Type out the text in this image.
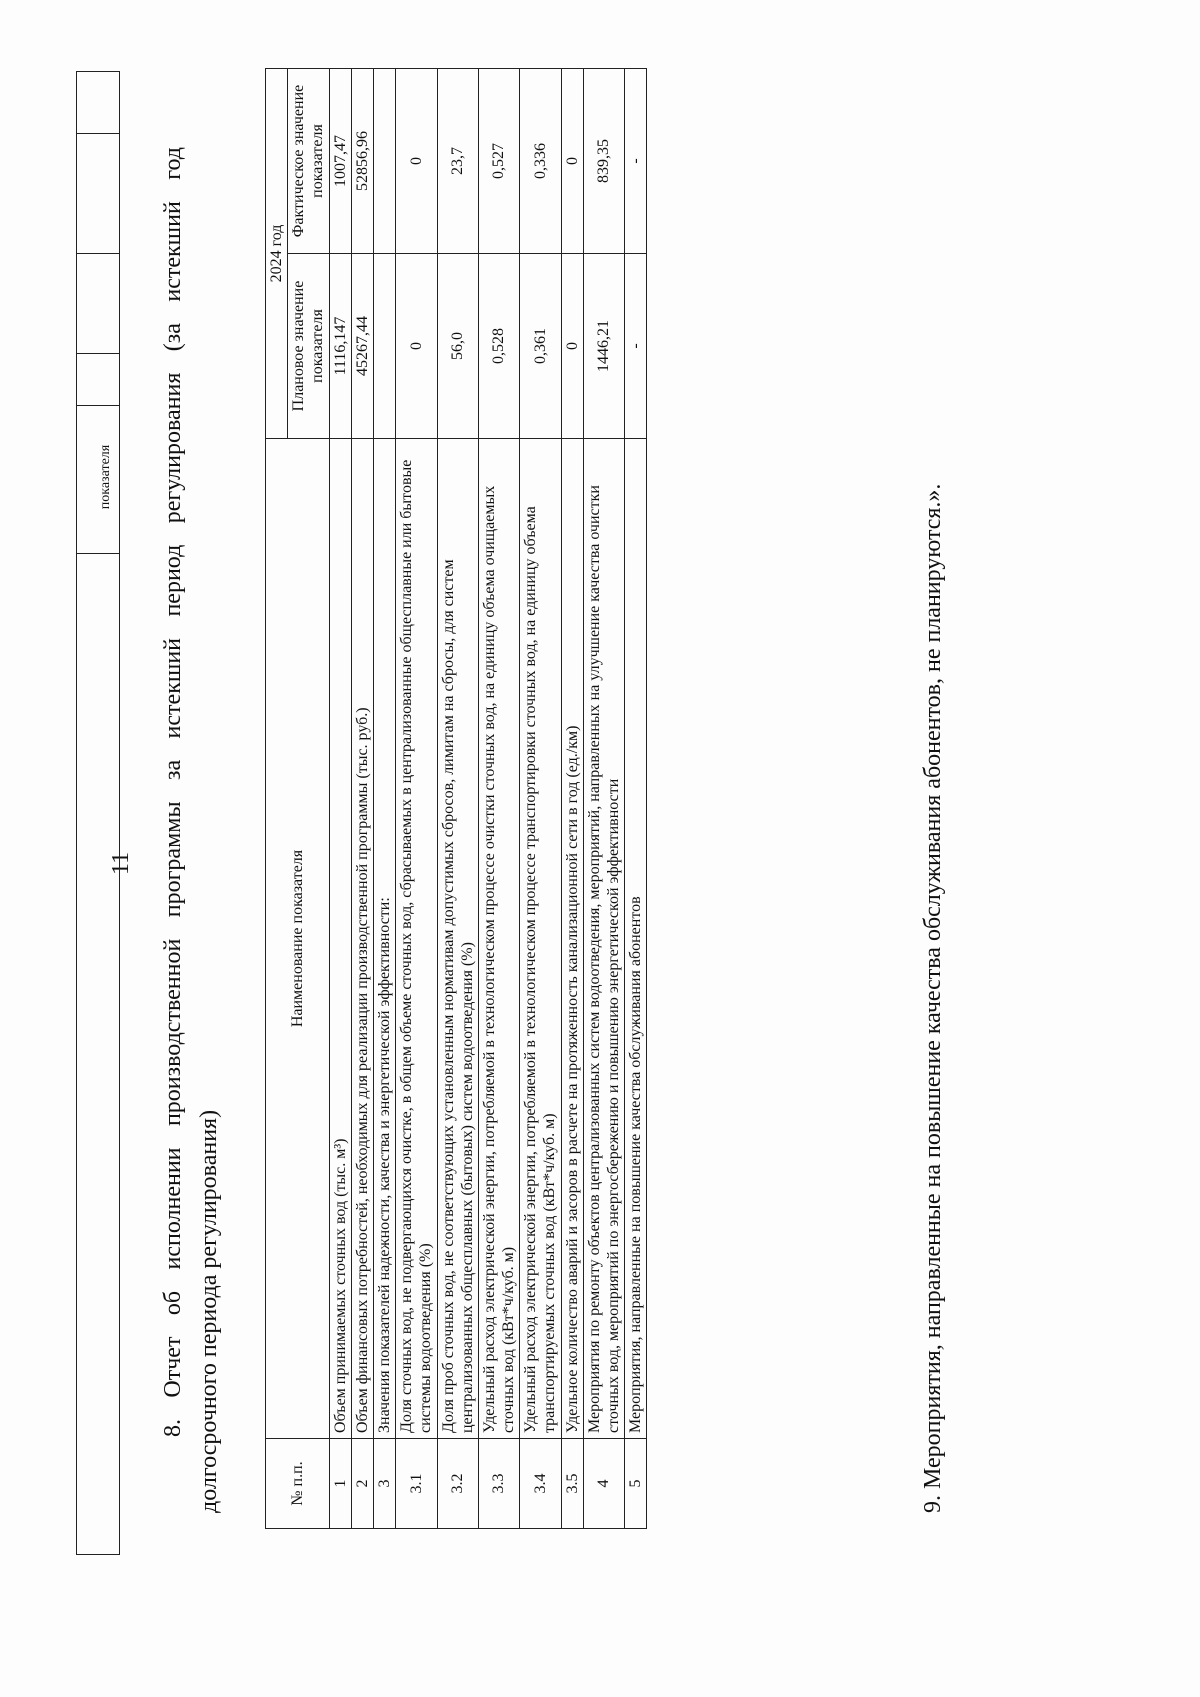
11
показателя 8. Отчет об исполнении производственной программы за истекший период регулирования (за истекший год долгосрочного периода регулирования)	№ п.п.	Наименование показателя	2024 год	
		Плановое значение показателя	Фактическое значение показателя
1	Объем принимаемых сточных вод (тыс. м³)	1116,147	1007,47
2	Объем финансовых потребностей, необходимых для реализации производственной программы (тыс. руб.)	45267,44	52856,96
3	Значения показателей надежности, качества и энергетической эффективности:		
3.1	Доля сточных вод, не подвергающихся очистке, в общем объеме сточных вод, сбрасываемых в централизованные общесплавные или бытовые системы водоотведения (%)	0	0
3.2	Доля проб сточных вод, не соответствующих установленным нормативам допустимых сбросов, лимитам на сбросы, для систем централизованных общесплавных (бытовых) систем водоотведения (%)	56,0	23,7
3.3	Удельный расход электрической энергии, потребляемой в технологическом процессе очистки сточных вод, на единицу объема очищаемых сточных вод (кВт*ч/куб. м)	0,528	0,527
3.4	Удельный расход электрической энергии, потребляемой в технологическом процессе транспортировки сточных вод, на единицу объема транспортируемых сточных вод (кВт*ч/куб. м)	0,361	0,336
3.5	Удельное количество аварий и засоров в расчете на протяженность канализационной сети в год (ед./км)	0	0
4	Мероприятия по ремонту объектов централизованных систем водоотведения, мероприятий, направленных на улучшение качества очистки сточных вод, мероприятий по энергосбережению и повышению энергетической эффективности	1446,21	839,35
5	Мероприятия, направленные на повышение качества обслуживания абонентов	-	-
9. Мероприятия, направленные на повышение качества обслуживания абонентов, не планируются.».
